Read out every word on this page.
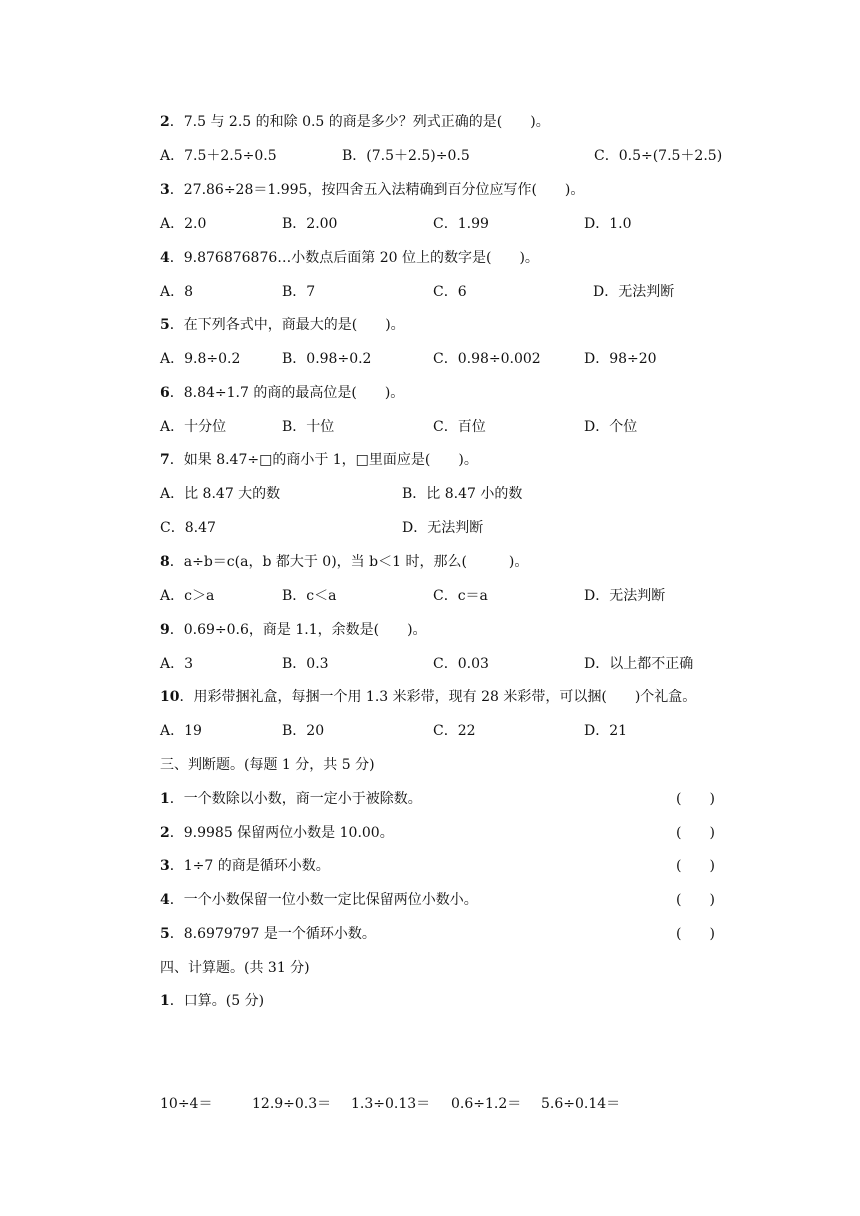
2．7.5 与 2.5 的和除 0.5 的商是多少？列式正确的是(　　)。
A．7.5＋2.5÷0.5	B．(7.5＋2.5)÷0.5	C．0.5÷(7.5＋2.5)
3．27.86÷28＝1.995，按四舍五入法精确到百分位应写作(　　)。
A．2.0	B．2.00	C．1.99	D．1.0
4．9.876876876…小数点后面第 20 位上的数字是(　　)。
A．8	B．7	C．6	D．无法判断
5．在下列各式中，商最大的是(　　)。
A．9.8÷0.2	B．0.98÷0.2	C．0.98÷0.002	D．98÷20
6．8.84÷1.7 的商的最高位是(　　)。
A．十分位	B．十位	C．百位	D．个位
7．如果 8.47÷□的商小于 1，□里面应是(　　)。
A．比 8.47 大的数	B．比 8.47 小的数
C．8.47	D．无法判断
8．a÷b＝c(a，b 都大于 0)，当 b＜1 时，那么(　　　)。
A．c＞a	B．c＜a	C．c＝a	D．无法判断
9．0.69÷0.6，商是 1.1，余数是(　　)。
A．3	B．0.3	C．0.03	D．以上都不正确
10．用彩带捆礼盒，每捆一个用 1.3 米彩带，现有 28 米彩带，可以捆(　　)个礼盒。
A．19	B．20	C．22	D．21
三、判断题。(每题 1 分，共 5 分)
1．一个数除以小数，商一定小于被除数。	(　　)
2．9.9985 保留两位小数是 10.00。	(　　)
3．1÷7 的商是循环小数。	(　　)
4．一个小数保留一位小数一定比保留两位小数小。	(　　)
5．8.6979797 是一个循环小数。	(　　)
四、计算题。(共 31 分)
1．口算。(5 分)
10÷4＝	12.9÷0.3＝ 1.3÷0.13＝ 0.6÷1.2＝ 5.6÷0.14＝
